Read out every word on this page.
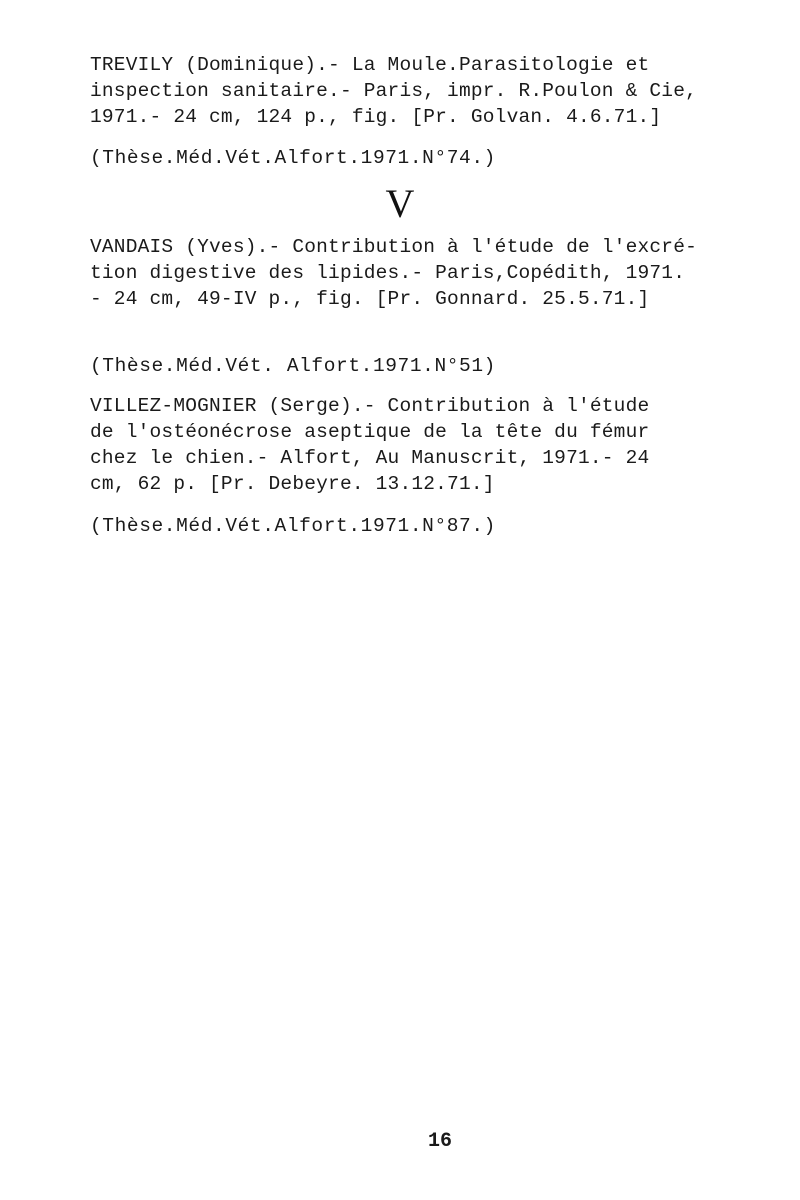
TREVILY (Dominique).- La Moule.Parasitologie et
inspection sanitaire.- Paris, impr. R.Poulon & Cie,
1971.- 24 cm, 124 p., fig. [Pr. Golvan. 4.6.71.]
(Thèse.Méd.Vét.Alfort.1971.N°74.)
V
VANDAIS (Yves).- Contribution à l'étude de l'excré-
tion digestive des lipides.- Paris,Copédith, 1971.
- 24 cm, 49-IV p., fig. [Pr. Gonnard. 25.5.71.]
(Thèse.Méd.Vét. Alfort.1971.N°51)
VILLEZ-MOGNIER (Serge).- Contribution à l'étude
de l'ostéonécrose aseptique de la tête du fémur
chez le chien.- Alfort, Au Manuscrit, 1971.- 24
cm, 62 p. [Pr. Debeyre. 13.12.71.]
(Thèse.Méd.Vét.Alfort.1971.N°87.)
16
